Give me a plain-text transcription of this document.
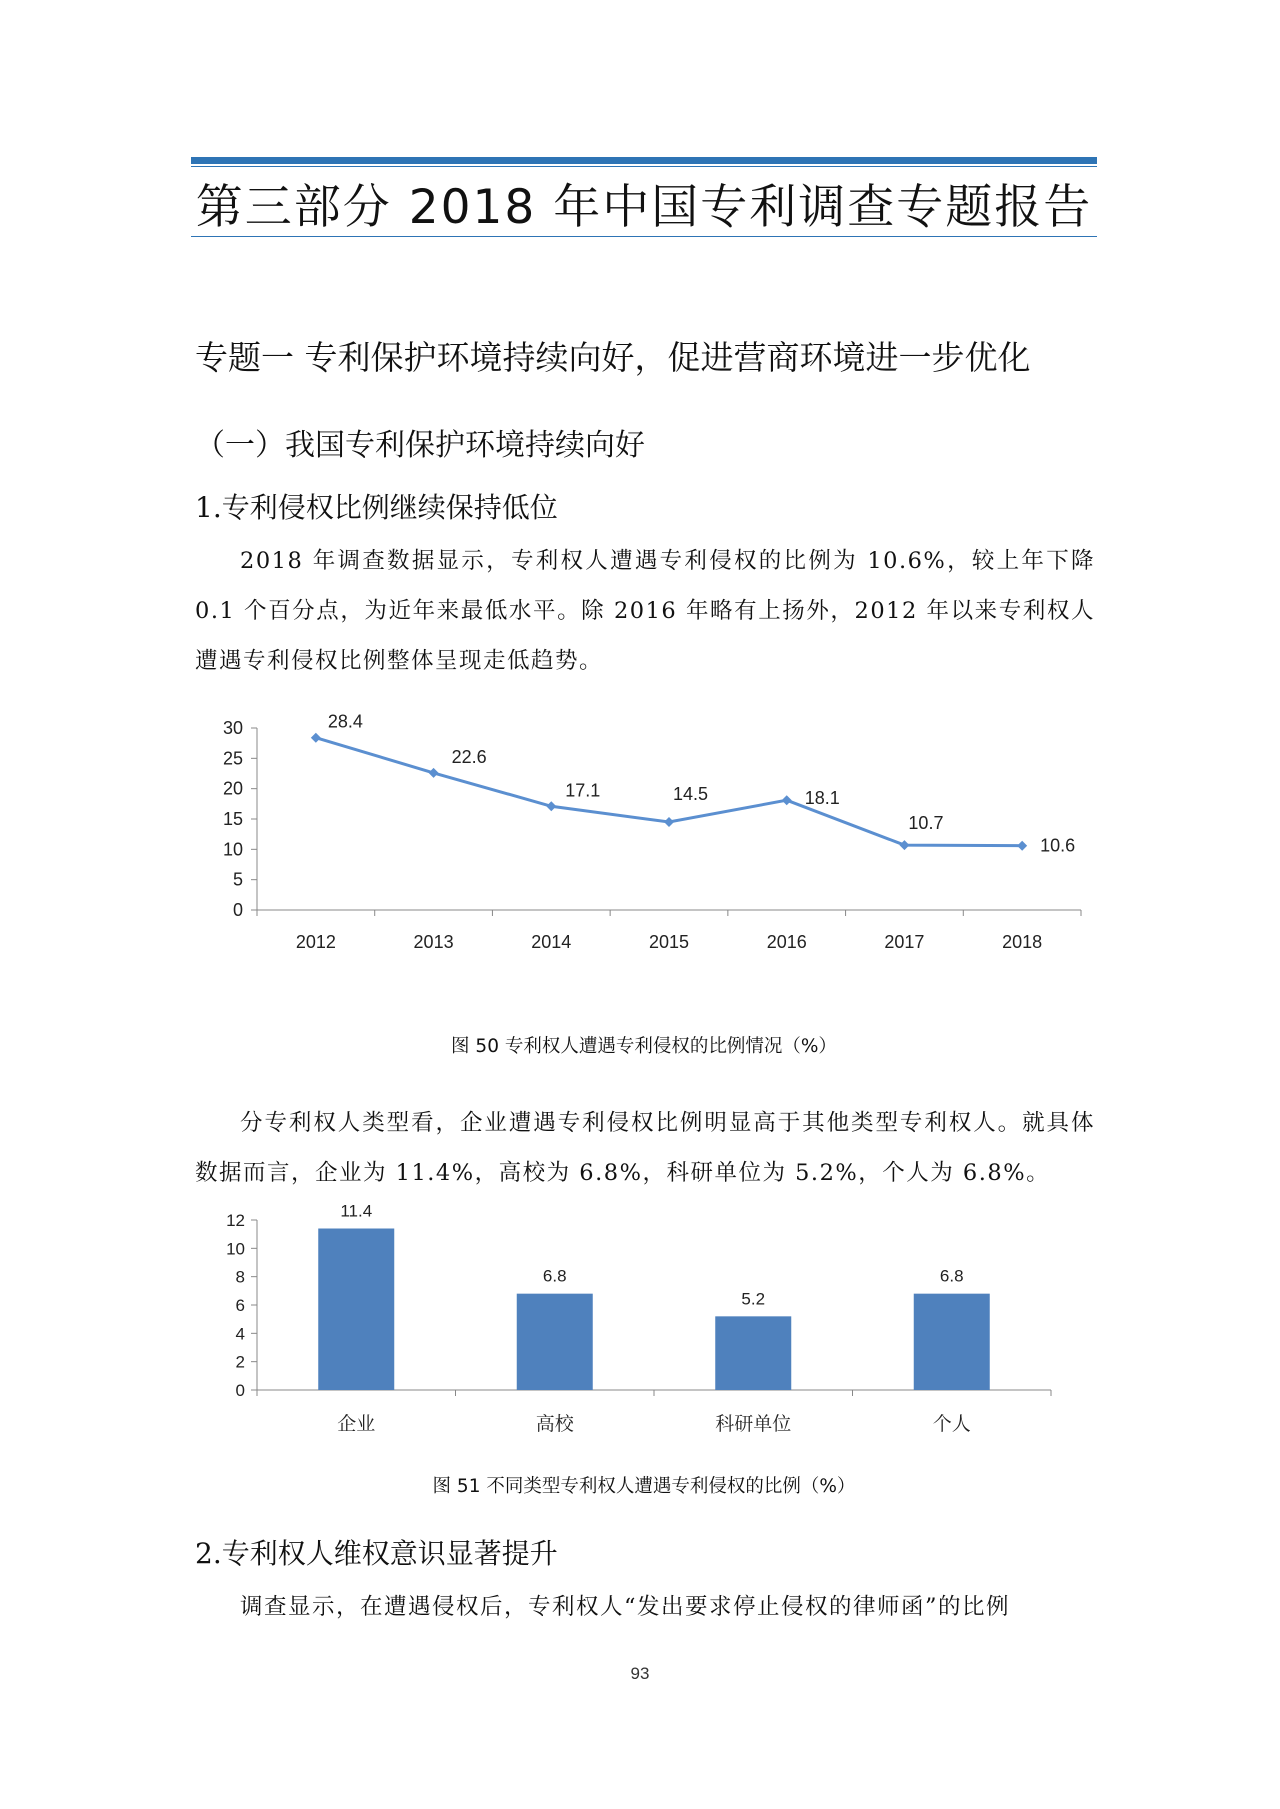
第三部分 2018 年中国专利调查专题报告
专题一 专利保护环境持续向好，促进营商环境进一步优化
（一）我国专利保护环境持续向好
1.专利侵权比例继续保持低位

2018 年调查数据显示，专利权人遭遇专利侵权的比例为 10.6%，较上年下降 0.1 个百分点，为近年来最低水平。除 2016 年略有上扬外，2012 年以来专利权人遭遇专利侵权比例整体呈现走低趋势。

0
5
10
15
20
25
30
2012	2013	2014	2015	2016	2017	2018
28.4
22.6
17.1	14.5	18.1
10.7
10.6
图 50 专利权人遭遇专利侵权的比例情况（%）

分专利权人类型看，企业遭遇专利侵权比例明显高于其他类型专利权人。就具体数据而言，企业为 11.4%，高校为 6.8%，科研单位为 5.2%，个人为 6.8%。

0
2
4
6
8
10
12	11.4
6.8
5.2
6.8
企业	高校	科研单位	个人
图 51 不同类型专利权人遭遇专利侵权的比例（%）
2.专利权人维权意识显著提升

调查显示，在遭遇侵权后，专利权人“发出要求停止侵权的律师函”的比例

93
